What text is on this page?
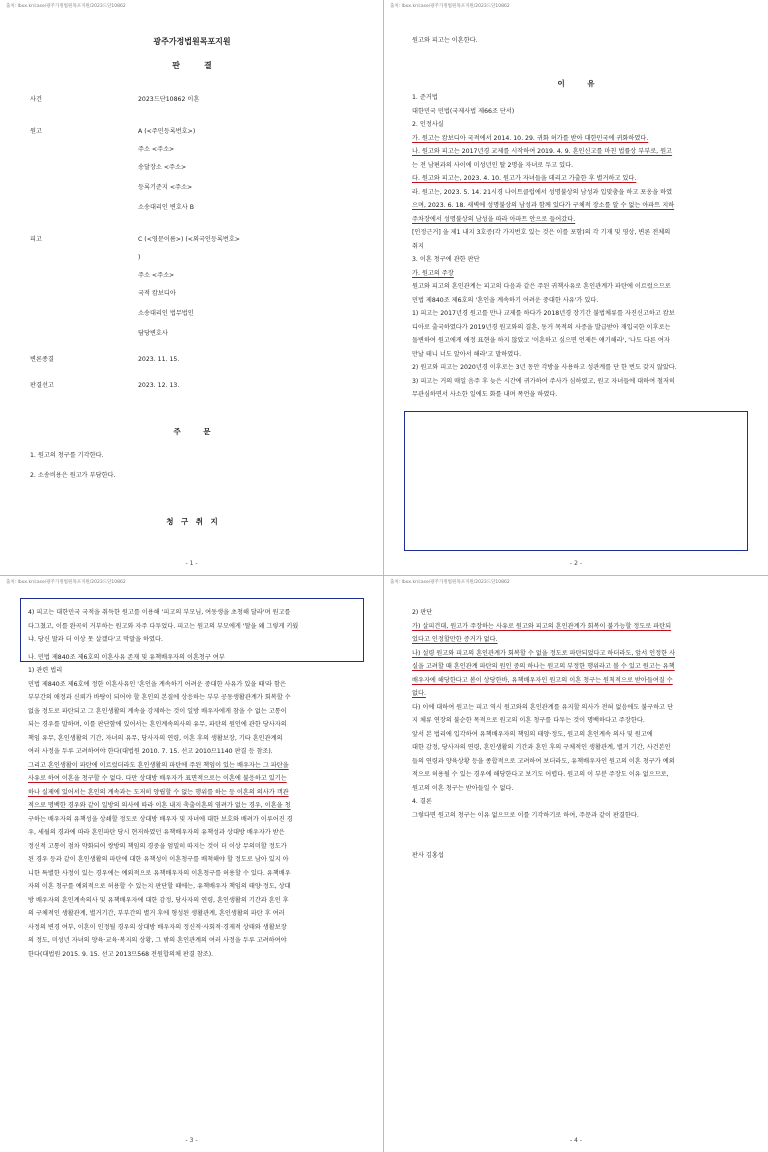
출처: lbox.kr/case/광주가정법원목포지원/2023드단10862
광주가정법원목포지원
판　　　결
사건	2023드단10862 이혼
원고	A (<주민등록번호>)
주소 <주소>
송달장소 <주소>
등록기준지 <주소>
소송대리인 변호사 B
피고	C (<영문이름>) (<외국인등록번호>
)
주소 <주소>
국적 캄보디아
소송대리인 법무법인
담당변호사
변론종결	2023. 11. 15.
판결선고	2023. 12. 13.
주　　　문
1. 원고의 청구를 기각한다.
2. 소송비용은 원고가 부담한다.
청　구　취　지
- 1 -
출처: lbox.kr/case/광주가정법원목포지원/2023드단10862
이　　　유
원고와 피고는 이혼한다.
1. 준거법
대한민국 민법(국제사법 제66조 단서)
2. 인정사실
가. 원고는 캄보디아 국적에서 2014. 10. 29. 귀화 허가를 받아 대한민국에 귀화하였다.
나. 원고와 피고는 2017년경 교제를 시작하여 2019. 4. 9. 혼인신고를 마친 법률상 부부로, 원고
는 전 남편과의 사이에 미성년인 딸 2명을 자녀로 두고 있다.
다. 원고와 피고는, 2023. 4. 10. 원고가 자녀들을 데리고 가출한 후 별거하고 있다.
라. 원고는, 2023. 5. 14. 21시경 나이트클럽에서 성명불상의 남성과 입맞춤을 하고 포옹을 하였
으며, 2023. 6. 18. 새벽에 성명불상의 남성과 함께 있다가 구체적 장소를 알 수 없는 아파트 지하
주차장에서 성명불상의 남성을 따라 아파트 안으로 들어갔다.
[인정근거] 을 제1 내지 3호증(각 가지번호 있는 것은 이를 포함)의 각 기재 및 영상, 변론 전체의
취지
3. 이혼 청구에 관한 판단
가. 원고의 주장
원고와 피고의 혼인관계는 피고의 다음과 같은 주된 귀책사유로 혼인관계가 파탄에 이르렀으므로
민법 제840조 제6호의 '혼인을 계속하기 어려운 중대한 사유'가 있다.
1) 피고는 2017년경 원고를 만나 교제를 하다가 2018년경 장기간 불법체류를 자진신고하고 캄보
디아로 출국하였다가 2019년경 원고와의 결혼, 동거 목적의 사증을 발급받아 재입국한 이후로는
돌변하여 원고에게 애정 표현을 하지 않았고 '이혼하고 싶으면 언제든 얘기해라', '나도 다른 여자
만날 테니 너도 알아서 해라'고 말하였다.
2) 원고와 피고는 2020년경 이후로는 3년 동안 각방을 사용하고 성관계를 단 한 번도 갖지 않았다.
3) 피고는 거의 매일 음주 후 늦은 시간에 귀가하여 주사가 심하였고, 원고 자녀들에 대하여 철저히
무관심하면서 사소한 일에도 화를 내며 폭언을 하였다.
- 2 -
출처: lbox.kr/case/광주가정법원목포지원/2023드단10862
4) 피고는 대한민국 국적을 취득한 원고를 이용해 '피고의 부모님, 여동생을 초청해 달라'며 원고를
다그쳤고, 이를 완곡히 거부하는 원고와 자주 다투었다. 피고는 원고의 부모에게 '딸을 왜 그렇게 키웠
냐. 당신 딸과 더 이상 못 살겠다'고 막말을 하였다.
나. 민법 제840조 제6호의 이혼사유 존재 및 유책배우자의 이혼청구 여부
1) 관련 법리
민법 제840조 제6호에 정한 이혼사유인 '혼인을 계속하기 어려운 중대한 사유가 있을 때'라 함은
부부간의 애정과 신뢰가 바탕이 되어야 할 혼인의 본질에 상응하는 부부 공동생활관계가 회복할 수
없을 정도로 파탄되고 그 혼인생활의 계속을 강제하는 것이 일방 배우자에게 참을 수 없는 고통이
되는 경우를 말하며, 이를 판단함에 있어서는 혼인계속의사의 유무, 파탄의 원인에 관한 당사자의
책임 유무, 혼인생활의 기간, 자녀의 유무, 당사자의 연령, 이혼 후의 생활보장, 기타 혼인관계의
여러 사정을 두루 고려하여야 한다(대법원 2010. 7. 15. 선고 2010므1140 판결 등 참조).
그리고 혼인생활이 파탄에 이르렀더라도 혼인생활의 파탄에 주된 책임이 있는 배우자는 그 파탄을
사유로 하여 이혼을 청구할 수 없다. 다만 상대방 배우자가 표면적으로는 이혼에 불응하고 있기는
하나 실제에 있어서는 혼인의 계속과는 도저히 양립할 수 없는 행위를 하는 등 이혼의 의사가 객관
적으로 명백한 경우와 같이 일방의 의사에 따라 이혼 내지 축출이혼의 염려가 없는 경우, 이혼을 청
구하는 배우자의 유책성을 상쇄할 정도로 상대방 배우자 및 자녀에 대한 보호와 배려가 이루어진 경
우, 세월의 경과에 따라 혼인파탄 당시 현저하였던 유책배우자의 유책성과 상대방 배우자가 받은
정신적 고통이 점차 약화되어 쌍방의 책임의 경중을 엄밀히 따지는 것이 더 이상 무의미할 정도가
된 경우 등과 같이 혼인생활의 파탄에 대한 유책성이 이혼청구를 배척해야 할 정도로 남아 있지 아
니한 특별한 사정이 있는 경우에는 예외적으로 유책배우자의 이혼청구를 허용할 수 있다. 유책배우
자의 이혼 청구를 예외적으로 허용할 수 있는지 판단할 때에는, 유책배우자 책임의 태양·정도, 상대
방 배우자의 혼인계속의사 및 유책배우자에 대한 감정, 당사자의 연령, 혼인생활의 기간과 혼인 후
의 구체적인 생활관계, 별거기간, 부부간의 별거 후에 형성된 생활관계, 혼인생활의 파탄 후 여러
사정의 변경 여부, 이혼이 인정될 경우의 상대방 배우자의 정신적·사회적·경제적 상태와 생활보장
의 정도, 미성년 자녀의 양육·교육·복지의 상황, 그 밖의 혼인관계의 여러 사정을 두루 고려하여야
한다(대법원 2015. 9. 15. 선고 2013므568 전원합의체 판결 참조).
- 3 -
출처: lbox.kr/case/광주가정법원목포지원/2023드단10862
2) 판단
가) 살피건대, 원고가 주장하는 사유로 원고와 피고의 혼인관계가 회복이 불가능할 정도로 파탄되
었다고 인정할만한 증거가 없다.
나) 설령 원고와 피고의 혼인관계가 회복할 수 없을 정도로 파탄되었다고 하더라도, 앞서 인정한 사
실을 고려할 때 혼인관계 파탄의 원인 중의 하나는 원고의 부정한 행위라고 볼 수 있고 원고는 유책
배우자에 해당한다고 봄이 상당한바, 유책배우자인 원고의 이혼 청구는 원칙적으로 받아들여질 수
없다.
다) 이에 대하여 원고는 피고 역시 원고와의 혼인관계를 유지할 의사가 전혀 없음에도 불구하고 단
지 체류 연장의 불순한 목적으로 원고의 이혼 청구를 다투는 것이 명백하다고 주장한다.
앞서 본 법리에 입각하여 유책배우자의 책임의 태양·정도, 원고의 혼인계속 의사 및 원고에
대한 감정, 당사자의 연령, 혼인생활의 기간과 혼인 후의 구체적인 생활관계, 별거 기간, 사건본인
들의 연령과 양육상황 등을 종합적으로 고려하여 보더라도, 유책배우자인 원고의 이혼 청구가 예외
적으로 허용될 수 있는 경우에 해당한다고 보기도 어렵다. 원고의 이 부분 주장도 이유 없으므로,
원고의 이혼 청구는 받아들일 수 없다.
4. 결론
그렇다면 원고의 청구는 이유 없으므로 이를 기각하기로 하여, 주문과 같이 판결한다.
판사 김홍섭
- 4 -
